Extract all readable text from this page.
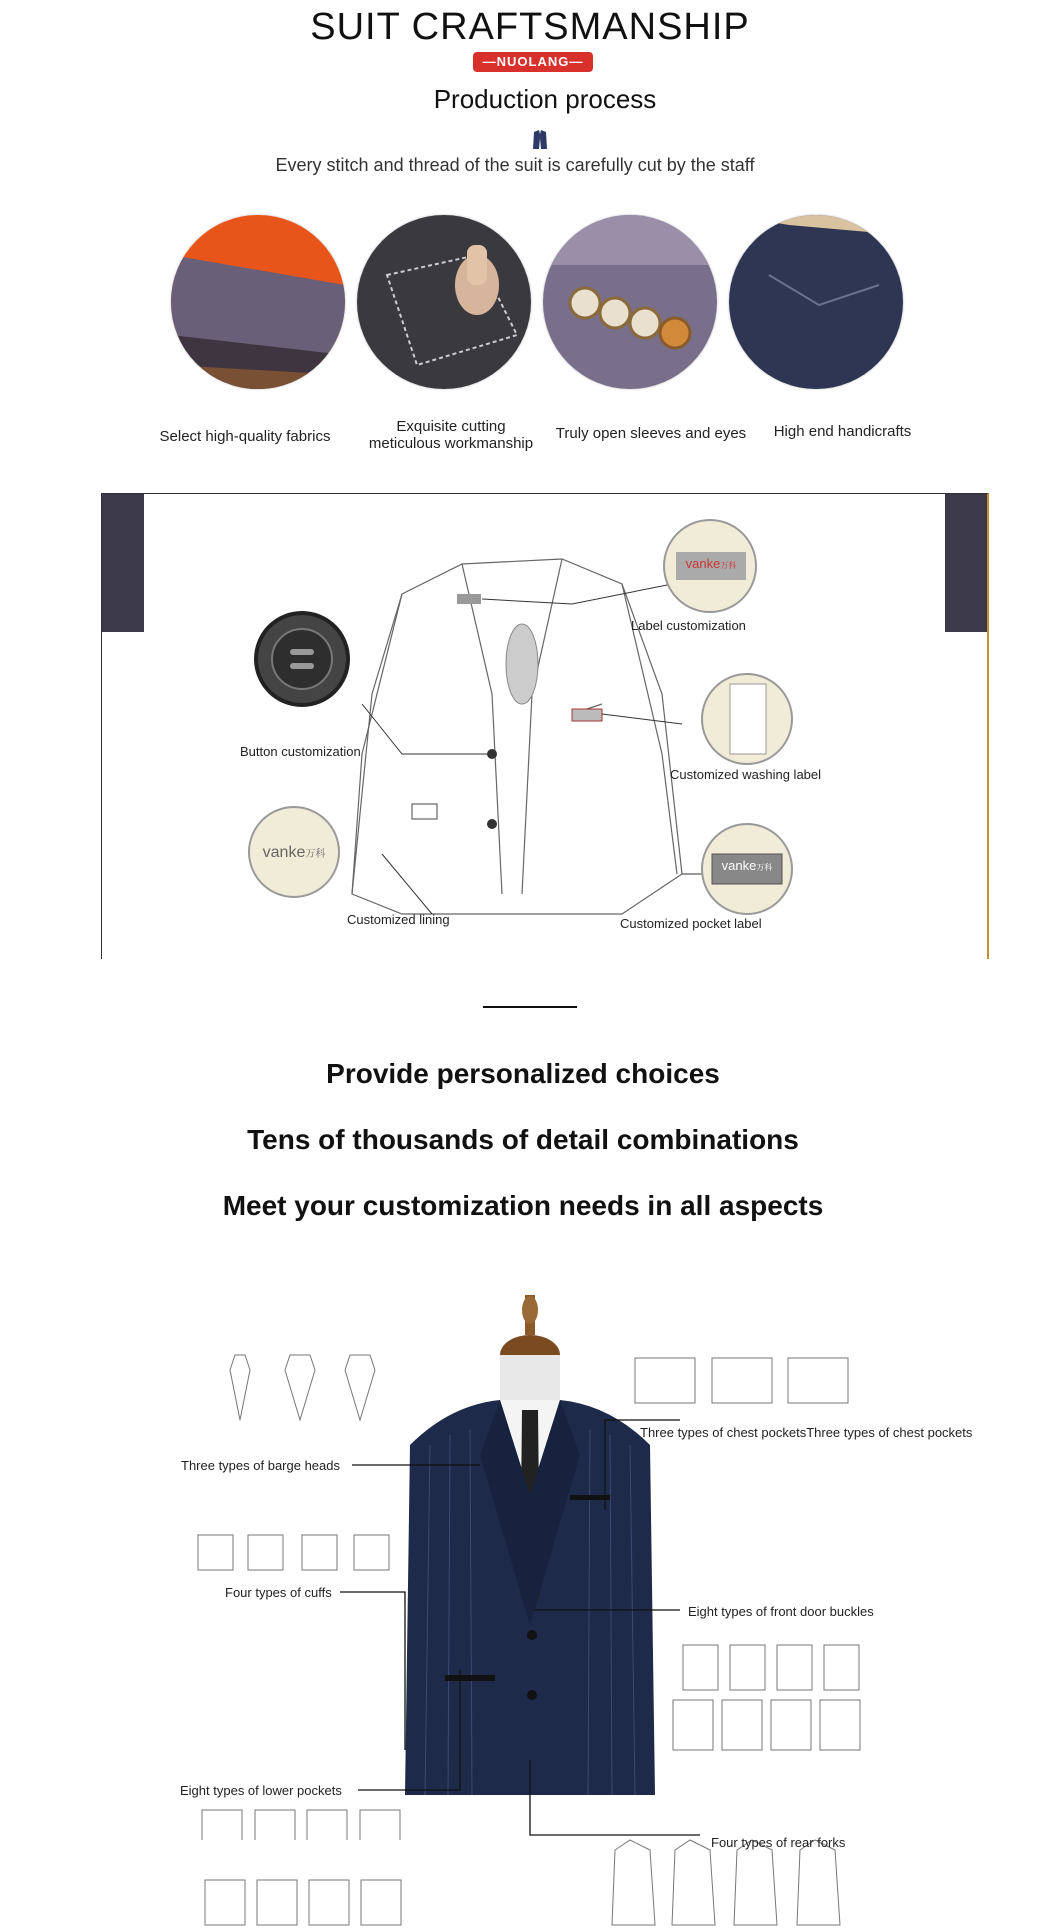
SUIT CRAFTSMANSHIP
—NUOLANG—
Production process
Every stitch and thread of the suit is carefully cut by the staff
Select high-quality fabrics
Exquisite cutting
meticulous workmanship
Truly open sleeves and eyes	High end handicrafts
vanke万科
vanke万科
vanke万科
Label customization
Button customization
Customized washing label
Customized lining	Customized pocket label
Provide personalized choices
Tens of thousands of detail combinations
Meet your customization needs in all aspects
Three types of barge heads
Three types of chest pocketsThree types of chest pockets
Four types of cuffs
Eight types of front door buckles
Eight types of lower pockets
Four types of rear forks
